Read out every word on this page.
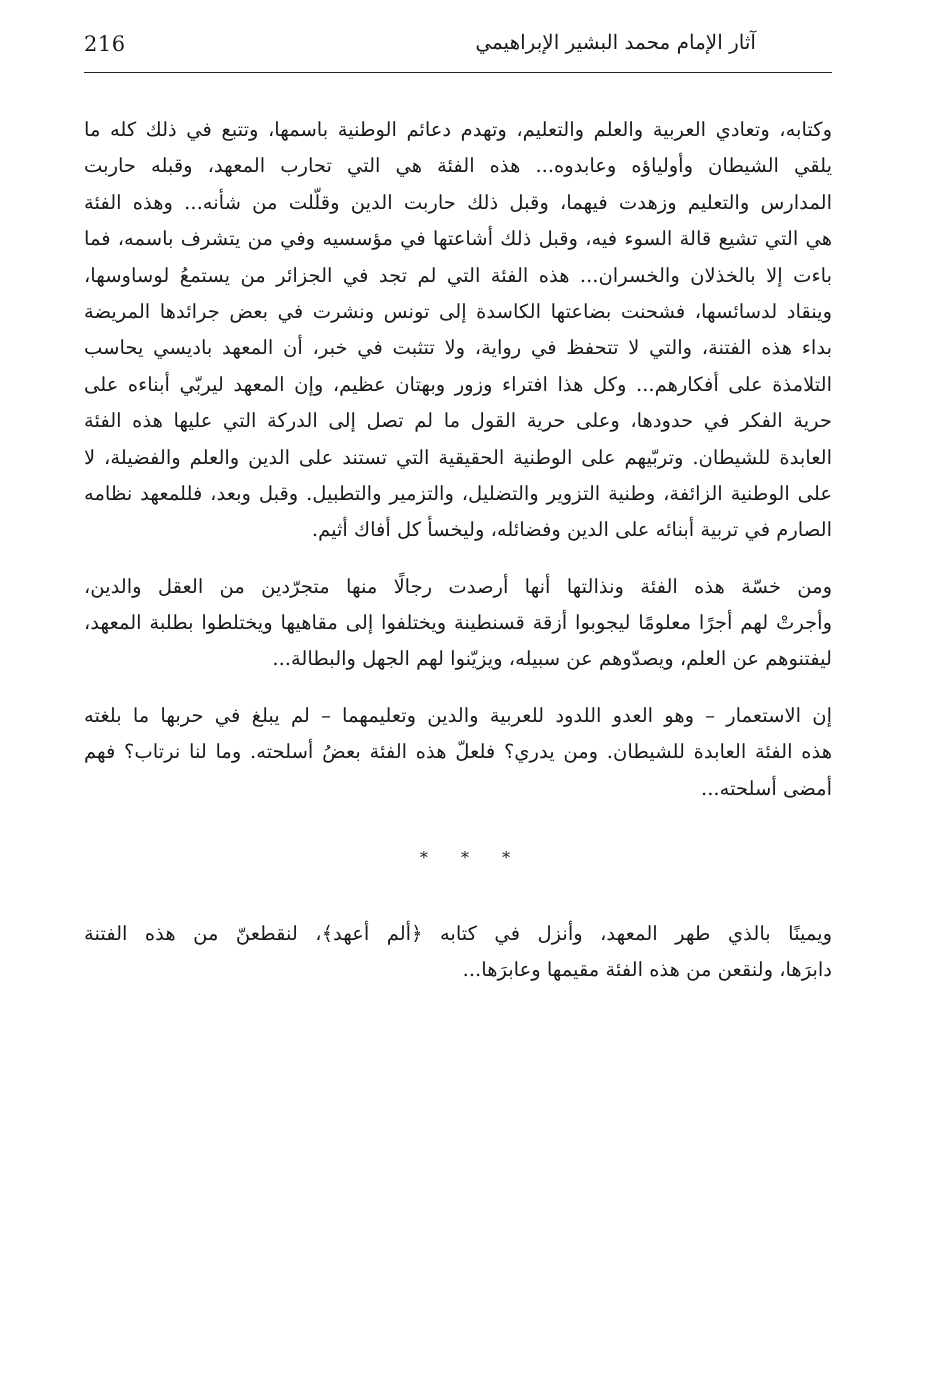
216	آثار الإمام محمد البشير الإبراهيمي
وكتابه، وتعادي العربية والعلم والتعليم، وتهدم دعائم الوطنية باسمها، وتتبع في ذلك كله ما
يلقي الشيطان وأولياؤه وعابدوه... هذه الفئة هي التي تحارب المعهد، وقبله حاربت
المدارس والتعليم وزهدت فيهما، وقبل ذلك حاربت الدين وقلّلت من شأنه... وهذه الفئة
هي التي تشيع قالة السوء فيه، وقبل ذلك أشاعتها في مؤسسيه وفي من يتشرف باسمه، فما
باءت إلا بالخذلان والخسران... هذه الفئة التي لم تجد في الجزائر من يستمعُ لوساوسها،
وينقاد لدسائسها، فشحنت بضاعتها الكاسدة إلى تونس ونشرت في بعض جرائدها المريضة
بداء هذه الفتنة، والتي لا تتحفظ في رواية، ولا تتثبت في خبر، أن المعهد باديسي يحاسب
التلامذة على أفكارهم... وكل هذا افتراء وزور وبهتان عظيم، وإن المعهد ليربّي أبناءه على
حرية الفكر في حدودها، وعلى حرية القول ما لم تصل إلى الدركة التي عليها هذه الفئة
العابدة للشيطان. وتربّيهم على الوطنية الحقيقية التي تستند على الدين والعلم والفضيلة، لا
على الوطنية الزائفة، وطنية التزوير والتضليل، والتزمير والتطبيل. وقبل وبعد، فللمعهد نظامه
الصارم في تربية أبنائه على الدين وفضائله، وليخسأ كل أفاك أثيم.
ومن خسّة هذه الفئة ونذالتها أنها أرصدت رجالًا منها متجرّدين من العقل والدين،
وأجرتْ لهم أجرًا معلومًا ليجوبوا أزقة قسنطينة ويختلفوا إلى مقاهيها ويختلطوا بطلبة المعهد،
ليفتنوهم عن العلم، ويصدّوهم عن سبيله، ويزيّنوا لهم الجهل والبطالة...
إن الاستعمار – وهو العدو اللدود للعربية والدين وتعليمهما – لم يبلغ في حربها ما بلغته
هذه الفئة العابدة للشيطان. ومن يدري؟ فلعلّ هذه الفئة بعضُ أسلحته. وما لنا نرتاب؟ فهم
أمضى أسلحته...
* * *
ويمينًا بالذي طهر المعهد، وأنزل في كتابه ﴿ألم أعهد﴾، لنقطعنّ من هذه الفتنة
دابرَها، ولنقعن من هذه الفئة مقيمها وعابرَها...
